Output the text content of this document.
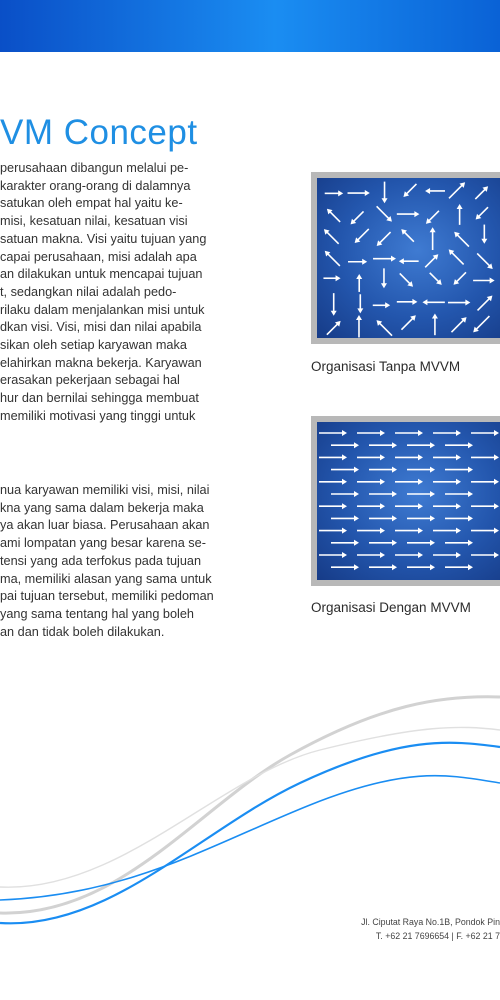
VM Concept

perusahaan dibangun melalui pe-
karakter orang-orang di dalamnya
satukan oleh empat hal yaitu ke-
misi, kesatuan nilai, kesatuan visi
satuan makna. Visi yaitu tujuan yang
capai perusahaan, misi adalah apa
an dilakukan untuk mencapai tujuan
t, sedangkan nilai adalah pedo-
rilaku dalam menjalankan misi untuk
dkan visi. Visi, misi dan nilai apabila
sikan oleh setiap karyawan maka
elahirkan makna bekerja. Karyawan
erasakan pekerjaan sebagai hal
hur dan bernilai sehingga membuat
memiliki motivasi yang tinggi untuk

nua karyawan memiliki visi, misi, nilai
kna yang sama dalam bekerja maka
ya akan luar biasa. Perusahaan akan
ami lompatan yang besar karena se-
tensi yang ada terfokus pada tujuan
ma, memiliki alasan yang sama untuk
pai tujuan tersebut, memiliki pedoman
yang sama tentang hal yang boleh
an dan tidak boleh dilakukan.

Organisasi Tanpa MVVM
Organisasi Dengan MVVM
Jl. Ciputat Raya No.1B, Pondok Pin
T. +62 21 7696654 | F. +62 21 7
